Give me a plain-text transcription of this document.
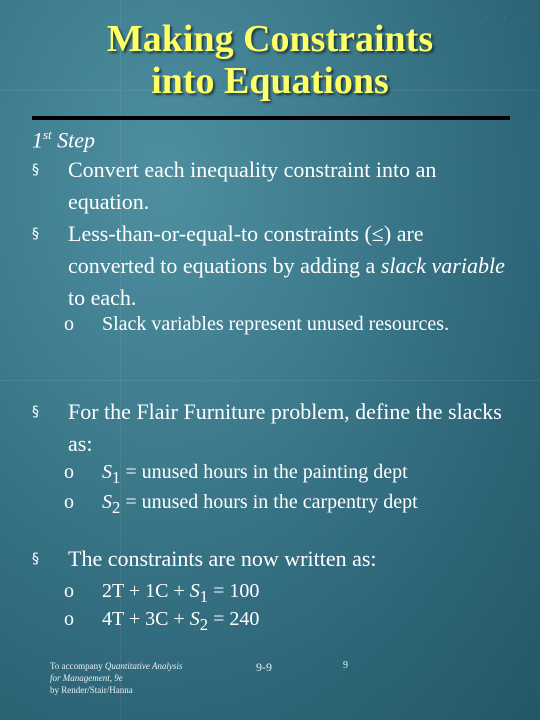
· · ·
Making Constraints
into Equations
1st Step
§	Convert each inequality constraint into an equation.
§	Less-than-or-equal-to constraints (≤) are converted to equations by adding a slack variable to each.
o Slack variables represent unused resources.
§	For the Flair Furniture problem, define the slacks as:
o $S_1$ = unused hours in the painting dept
o $S_2$ = unused hours in the carpentry dept
§	The constraints are now written as:
o $2T + 1C + S_1 = 100$
o $4T + 3C + S_2 = 240$
To accompany Quantitative Analysis
for Management, 9e
by Render/Stair/Hanna
9-9	9
